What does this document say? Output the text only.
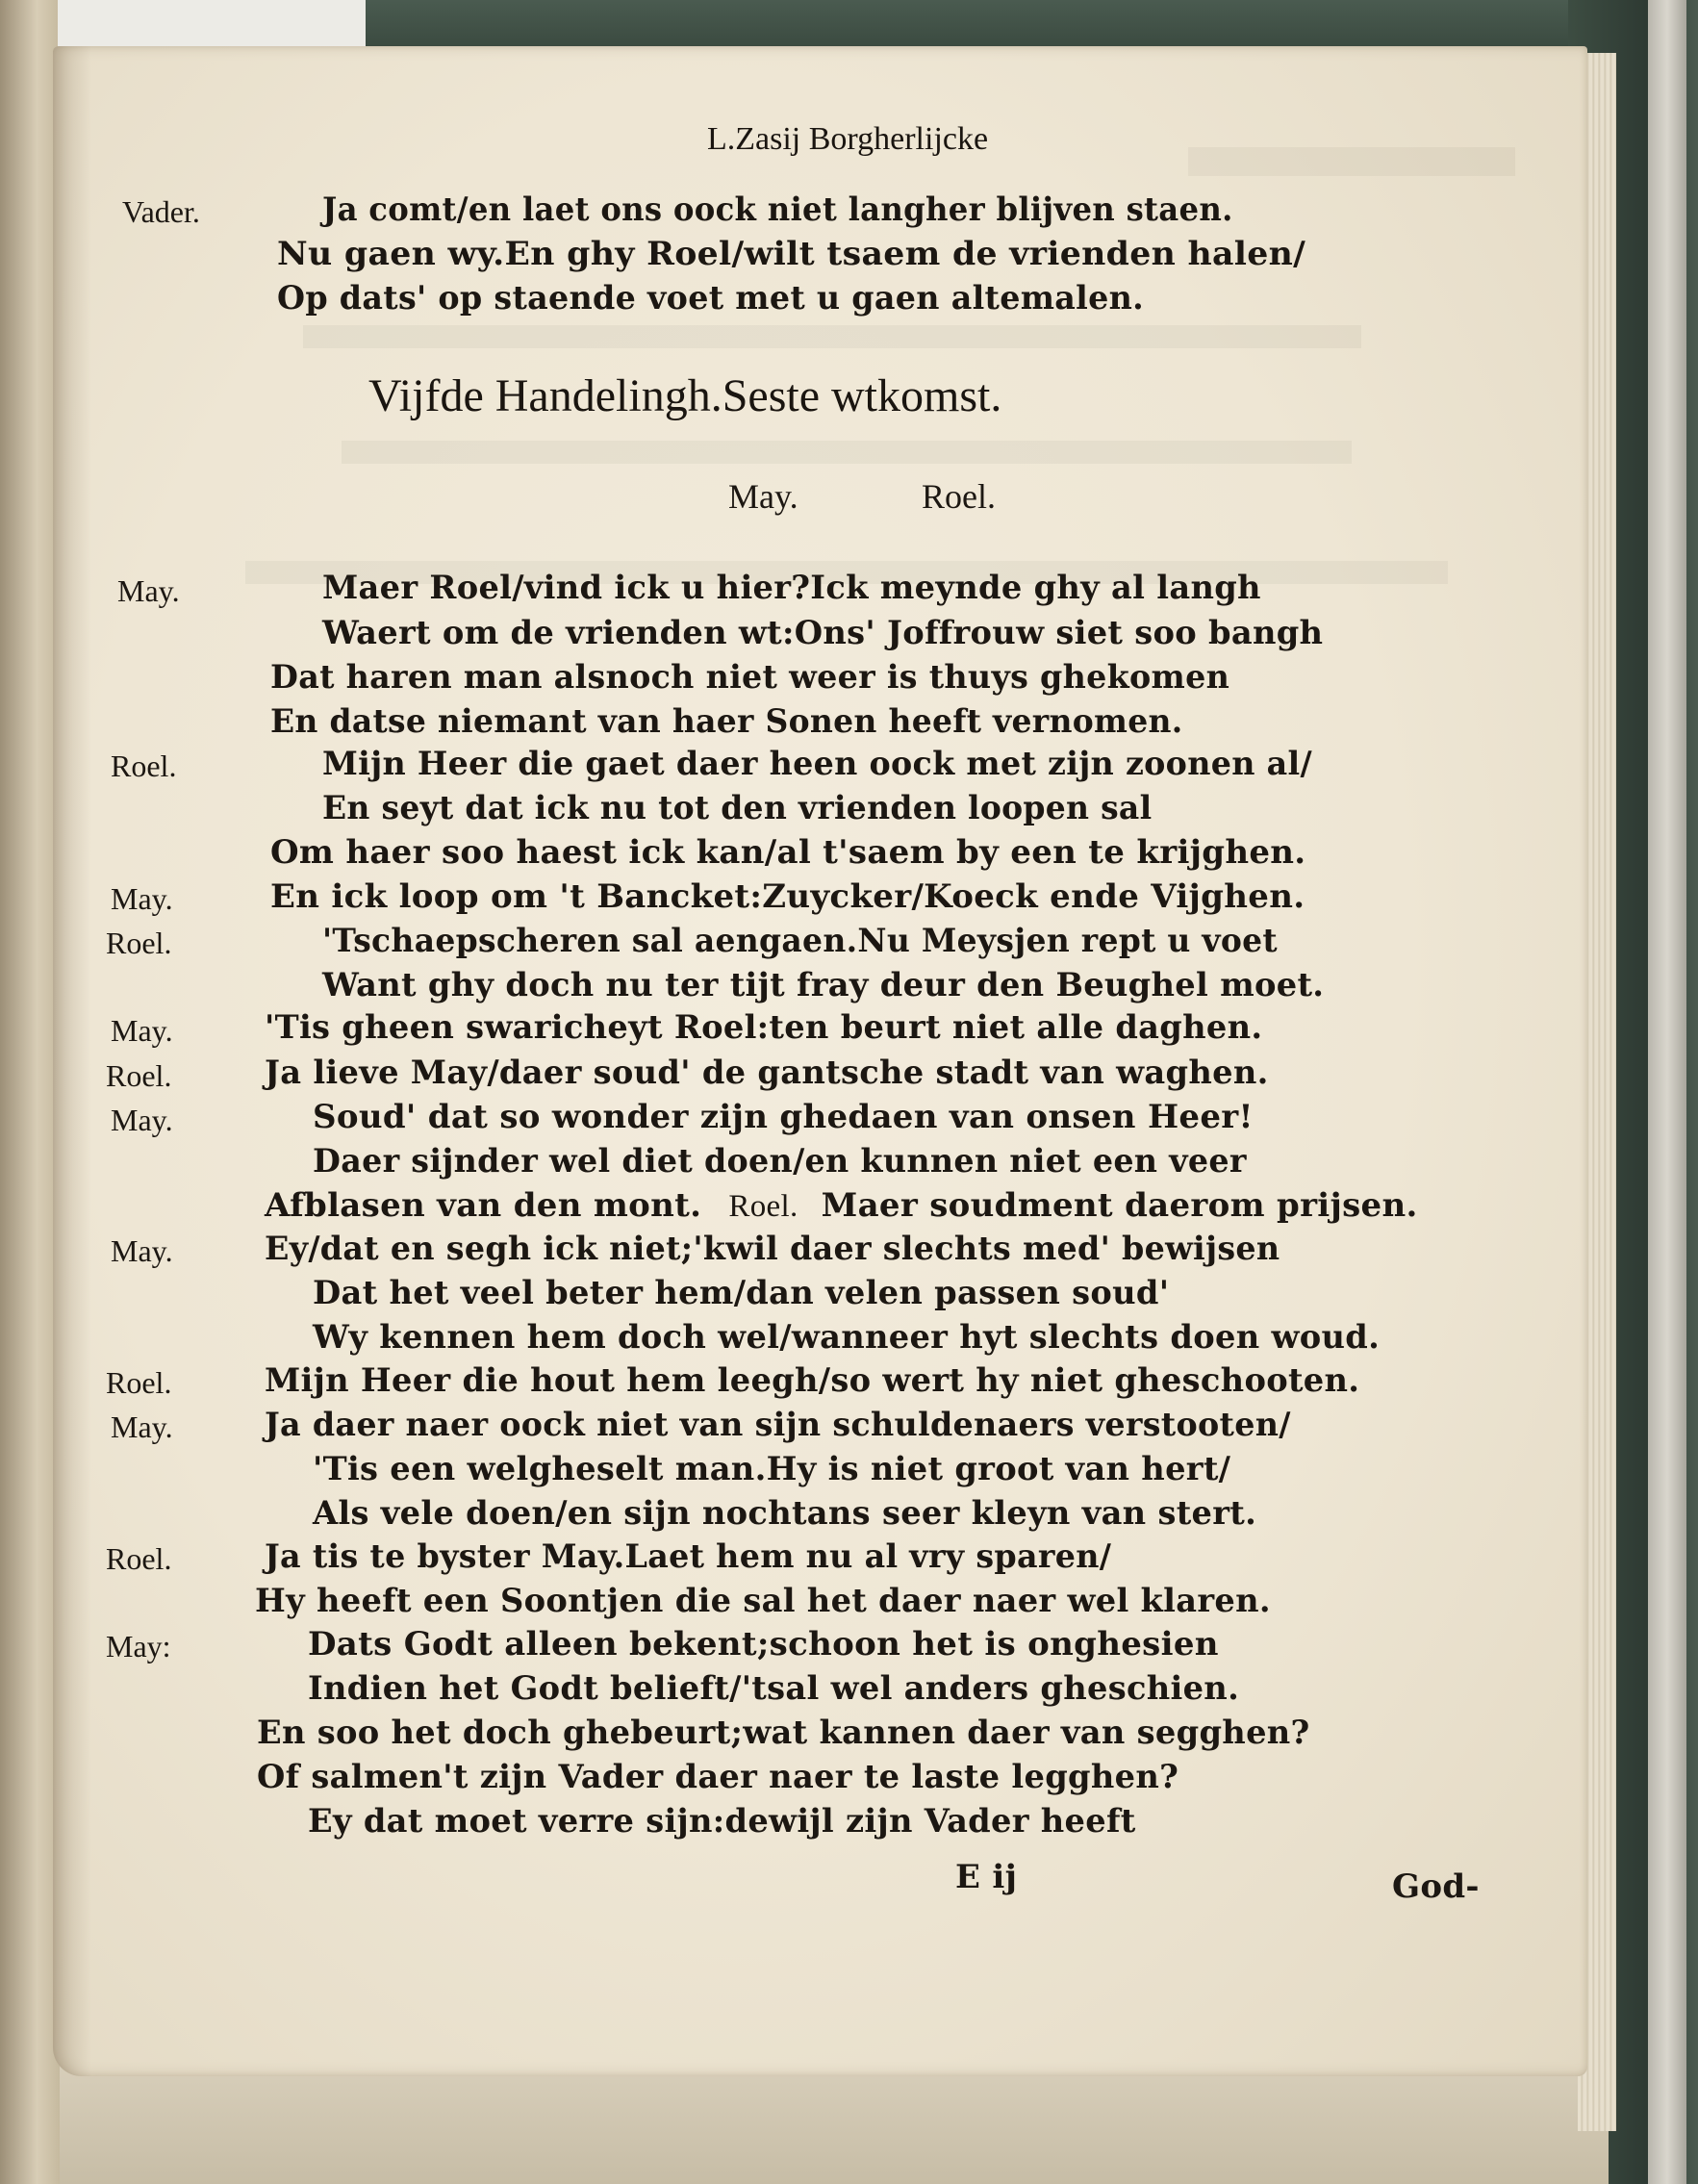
L.Zasij Borgherlijcke
Vader.	Ja comt/en laet ons oock niet langher blijven staen.
Nu gaen wy.En ghy Roel/wilt tsaem de vrienden halen/
Op dats' op staende voet met u gaen altemalen.
Vijfde Handelingh.Seste wtkomst.
May.	Roel.
May.	Maer Roel/vind ick u hier?Ick meynde ghy al langh
Waert om de vrienden wt:Ons' Joffrouw siet soo bangh
Dat haren man alsnoch niet weer is thuys ghekomen
En datse niemant van haer Sonen heeft vernomen.
Roel.	Mijn Heer die gaet daer heen oock met zijn zoonen al/
En seyt dat ick nu tot den vrienden loopen sal
Om haer soo haest ick kan/al t'saem by een te krijghen.
May.	En ick loop om 't Bancket:Zuycker/Koeck ende Vijghen.
Roel.	'Tschaepscheren sal aengaen.Nu Meysjen rept u voet
Want ghy doch nu ter tijt fray deur den Beughel moet.
May.	'Tis gheen swaricheyt Roel:ten beurt niet alle daghen.
Roel.	Ja lieve May/daer soud' de gantsche stadt van waghen.
May.	Soud' dat so wonder zijn ghedaen van onsen Heer!
Daer sijnder wel diet doen/en kunnen niet een veer
Afblasen van den mont. Roel. Maer soudment daerom prijsen.
May.	Ey/dat en segh ick niet;'kwil daer slechts med' bewijsen
Dat het veel beter hem/dan velen passen soud'
Wy kennen hem doch wel/wanneer hyt slechts doen woud.
Roel.	Mijn Heer die hout hem leegh/so wert hy niet gheschooten.
May.	Ja daer naer oock niet van sijn schuldenaers verstooten/
'Tis een welgheselt man.Hy is niet groot van hert/
Als vele doen/en sijn nochtans seer kleyn van stert.
Roel.	Ja tis te byster May.Laet hem nu al vry sparen/
Hy heeft een Soontjen die sal het daer naer wel klaren.
May:	Dats Godt alleen bekent;schoon het is onghesien
Indien het Godt belieft/'tsal wel anders gheschien.
En soo het doch ghebeurt;wat kannen daer van segghen?
Of salmen't zijn Vader daer naer te laste legghen?
Ey dat moet verre sijn:dewijl zijn Vader heeft
E ij	God-
